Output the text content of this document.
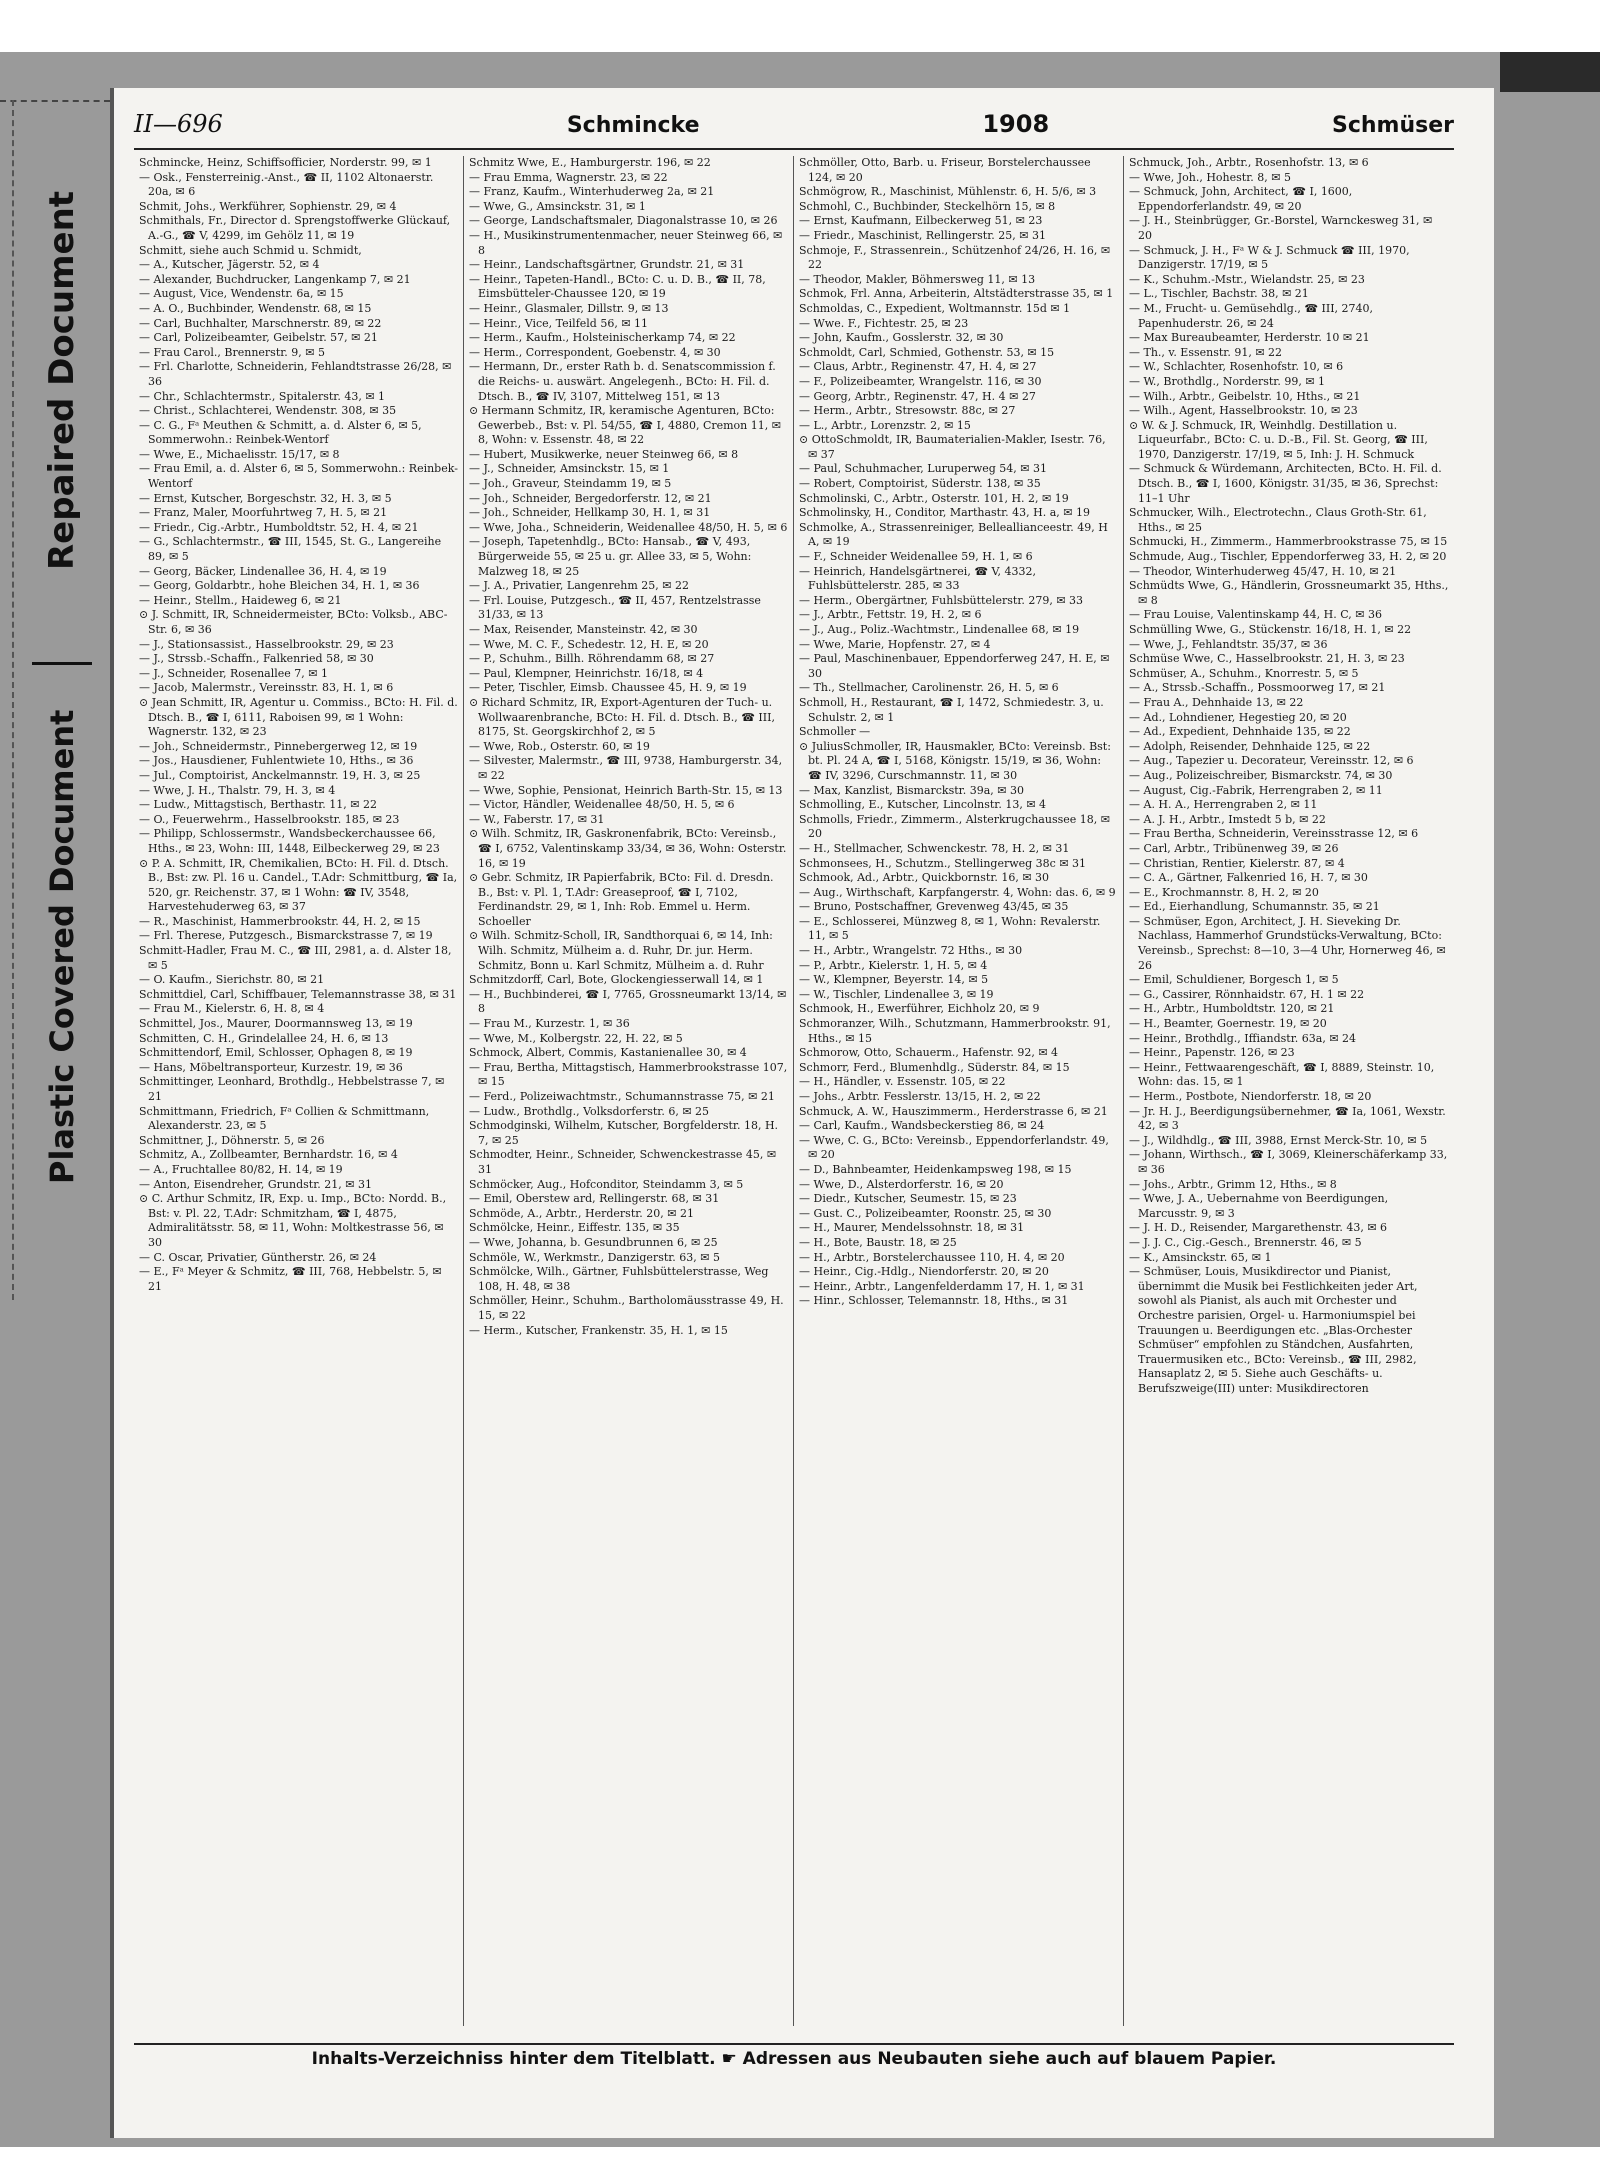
Repaired Document
Plastic Covered Document
II—696	Schmincke	1908	Schmüser

Schmincke, Heinz, Schiffsofficier, Norderstr. 99, ✉ 1

— Osk., Fensterreinig.-Anst., ☎ II, 1102 Altonaerstr. 20a, ✉ 6

Schmit, Johs., Werkführer, Sophienstr. 29, ✉ 4

Schmithals, Fr., Director d. Sprengstoffwerke Glückauf, A.-G., ☎ V, 4299, im Gehölz 11, ✉ 19

Schmitt, siehe auch Schmid u. Schmidt,

— A., Kutscher, Jägerstr. 52, ✉ 4

— Alexander, Buchdrucker, Langenkamp 7, ✉ 21

— August, Vice, Wendenstr. 6a, ✉ 15

— A. O., Buchbinder, Wendenstr. 68, ✉ 15

— Carl, Buchhalter, Marschnerstr. 89, ✉ 22

— Carl, Polizeibeamter, Geibelstr. 57, ✉ 21

— Frau Carol., Brennerstr. 9, ✉ 5

— Frl. Charlotte, Schneiderin, Fehlandtstrasse 26/28, ✉ 36

— Chr., Schlachtermstr., Spitalerstr. 43, ✉ 1

— Christ., Schlachterei, Wendenstr. 308, ✉ 35

— C. G., Fᵃ Meuthen & Schmitt, a. d. Alster 6, ✉ 5, Sommerwohn.: Reinbek-Wentorf

— Wwe, E., Michaelisstr. 15/17, ✉ 8

— Frau Emil, a. d. Alster 6, ✉ 5, Sommerwohn.: Reinbek-Wentorf

— Ernst, Kutscher, Borgeschstr. 32, H. 3, ✉ 5

— Franz, Maler, Moorfuhrtweg 7, H. 5, ✉ 21

— Friedr., Cig.-Arbtr., Humboldtstr. 52, H. 4, ✉ 21

— G., Schlachtermstr., ☎ III, 1545, St. G., Langereihe 89, ✉ 5

— Georg, Bäcker, Lindenallee 36, H. 4, ✉ 19

— Georg, Goldarbtr., hohe Bleichen 34, H. 1, ✉ 36

— Heinr., Stellm., Haideweg 6, ✉ 21

⊙ J. Schmitt, IR, Schneidermeister, BCto: Volksb., ABC-Str. 6, ✉ 36

— J., Stationsassist., Hasselbrookstr. 29, ✉ 23

— J., Strssb.-Schaffn., Falkenried 58, ✉ 30

— J., Schneider, Rosenallee 7, ✉ 1

— Jacob, Malermstr., Vereinsstr. 83, H. 1, ✉ 6

⊙ Jean Schmitt, IR, Agentur u. Commiss., BCto: H. Fil. d. Dtsch. B., ☎ I, 6111, Raboisen 99, ✉ 1 Wohn: Wagnerstr. 132, ✉ 23

— Joh., Schneidermstr., Pinnebergerweg 12, ✉ 19

— Jos., Hausdiener, Fuhlentwiete 10, Hths., ✉ 36

— Jul., Comptoirist, Anckelmannstr. 19, H. 3, ✉ 25

— Wwe, J. H., Thalstr. 79, H. 3, ✉ 4

— Ludw., Mittagstisch, Berthastr. 11, ✉ 22

— O., Feuerwehrm., Hasselbrookstr. 185, ✉ 23

— Philipp, Schlossermstr., Wandsbeckerchaussee 66, Hths., ✉ 23, Wohn: III, 1448, Eilbeckerweg 29, ✉ 23

⊙ P. A. Schmitt, IR, Chemikalien, BCto: H. Fil. d. Dtsch. B., Bst: zw. Pl. 16 u. Candel., T.Adr: Schmittburg, ☎ Ia, 520, gr. Reichenstr. 37, ✉ 1 Wohn: ☎ IV, 3548, Harvestehuderweg 63, ✉ 37

— R., Maschinist, Hammerbrookstr. 44, H. 2, ✉ 15

— Frl. Therese, Putzgesch., Bismarckstrasse 7, ✉ 19

Schmitt-Hadler, Frau M. C., ☎ III, 2981, a. d. Alster 18, ✉ 5

— O. Kaufm., Sierichstr. 80, ✉ 21

Schmittdiel, Carl, Schiffbauer, Telemannstrasse 38, ✉ 31

— Frau M., Kielerstr. 6, H. 8, ✉ 4

Schmittel, Jos., Maurer, Doormannsweg 13, ✉ 19

Schmitten, C. H., Grindelallee 24, H. 6, ✉ 13

Schmittendorf, Emil, Schlosser, Ophagen 8, ✉ 19

— Hans, Möbeltransporteur, Kurzestr. 19, ✉ 36

Schmittinger, Leonhard, Brothdlg., Hebbelstrasse 7, ✉ 21

Schmittmann, Friedrich, Fᵃ Collien & Schmittmann, Alexanderstr. 23, ✉ 5

Schmittner, J., Döhnerstr. 5, ✉ 26

Schmitz, A., Zollbeamter, Bernhardstr. 16, ✉ 4

— A., Fruchtallee 80/82, H. 14, ✉ 19

— Anton, Eisendreher, Grundstr. 21, ✉ 31

⊙ C. Arthur Schmitz, IR, Exp. u. Imp., BCto: Nordd. B., Bst: v. Pl. 22, T.Adr: Schmitzham, ☎ I, 4875, Admiralitätsstr. 58, ✉ 11, Wohn: Moltkestrasse 56, ✉ 30

— C. Oscar, Privatier, Güntherstr. 26, ✉ 24

— E., Fᵃ Meyer & Schmitz, ☎ III, 768, Hebbelstr. 5, ✉ 21

Schmitz Wwe, E., Hamburgerstr. 196, ✉ 22

— Frau Emma, Wagnerstr. 23, ✉ 22

— Franz, Kaufm., Winterhuderweg 2a, ✉ 21

— Wwe, G., Amsinckstr. 31, ✉ 1

— George, Landschaftsmaler, Diagonalstrasse 10, ✉ 26

— H., Musikinstrumentenmacher, neuer Steinweg 66, ✉ 8

— Heinr., Landschaftsgärtner, Grundstr. 21, ✉ 31

— Heinr., Tapeten-Handl., BCto: C. u. D. B., ☎ II, 78, Eimsbütteler-Chaussee 120, ✉ 19

— Heinr., Glasmaler, Dillstr. 9, ✉ 13

— Heinr., Vice, Teilfeld 56, ✉ 11

— Herm., Kaufm., Holsteinischerkamp 74, ✉ 22

— Herm., Correspondent, Goebenstr. 4, ✉ 30

— Hermann, Dr., erster Rath b. d. Senatscommission f. die Reichs- u. auswärt. Angelegenh., BCto: H. Fil. d. Dtsch. B., ☎ IV, 3107, Mittelweg 151, ✉ 13

⊙ Hermann Schmitz, IR, keramische Agenturen, BCto: Gewerbeb., Bst: v. Pl. 54/55, ☎ I, 4880, Cremon 11, ✉ 8, Wohn: v. Essenstr. 48, ✉ 22

— Hubert, Musikwerke, neuer Steinweg 66, ✉ 8

— J., Schneider, Amsinckstr. 15, ✉ 1

— Joh., Graveur, Steindamm 19, ✉ 5

— Joh., Schneider, Bergedorferstr. 12, ✉ 21

— Joh., Schneider, Hellkamp 30, H. 1, ✉ 31

— Wwe, Joha., Schneiderin, Weidenallee 48/50, H. 5, ✉ 6

— Joseph, Tapetenhdlg., BCto: Hansab., ☎ V, 493, Bürgerweide 55, ✉ 25 u. gr. Allee 33, ✉ 5, Wohn: Malzweg 18, ✉ 25

— J. A., Privatier, Langenrehm 25, ✉ 22

— Frl. Louise, Putzgesch., ☎ II, 457, Rentzelstrasse 31/33, ✉ 13

— Max, Reisender, Mansteinstr. 42, ✉ 30

— Wwe, M. C. F., Schedestr. 12, H. E, ✉ 20

— P., Schuhm., Billh. Röhrendamm 68, ✉ 27

— Paul, Klempner, Heinrichstr. 16/18, ✉ 4

— Peter, Tischler, Eimsb. Chaussee 45, H. 9, ✉ 19

⊙ Richard Schmitz, IR, Export-Agenturen der Tuch- u. Wollwaarenbranche, BCto: H. Fil. d. Dtsch. B., ☎ III, 8175, St. Georgskirchhof 2, ✉ 5

— Wwe, Rob., Osterstr. 60, ✉ 19

— Silvester, Malermstr., ☎ III, 9738, Hamburgerstr. 34, ✉ 22

— Wwe, Sophie, Pensionat, Heinrich Barth-Str. 15, ✉ 13

— Victor, Händler, Weidenallee 48/50, H. 5, ✉ 6

— W., Faberstr. 17, ✉ 31

⊙ Wilh. Schmitz, IR, Gaskronenfabrik, BCto: Vereinsb., ☎ I, 6752, Valentinskamp 33/34, ✉ 36, Wohn: Osterstr. 16, ✉ 19

⊙ Gebr. Schmitz, IR Papierfabrik, BCto: Fil. d. Dresdn. B., Bst: v. Pl. 1, T.Adr: Greaseproof, ☎ I, 7102, Ferdinandstr. 29, ✉ 1, Inh: Rob. Emmel u. Herm. Schoeller

⊙ Wilh. Schmitz-Scholl, IR, Sandthorquai 6, ✉ 14, Inh: Wilh. Schmitz, Mülheim a. d. Ruhr, Dr. jur. Herm. Schmitz, Bonn u. Karl Schmitz, Mülheim a. d. Ruhr

Schmitzdorff, Carl, Bote, Glockengiesserwall 14, ✉ 1

— H., Buchbinderei, ☎ I, 7765, Grossneumarkt 13/14, ✉ 8

— Frau M., Kurzestr. 1, ✉ 36

— Wwe, M., Kolbergstr. 22, H. 22, ✉ 5

Schmock, Albert, Commis, Kastanienallee 30, ✉ 4

— Frau, Bertha, Mittagstisch, Hammerbrookstrasse 107, ✉ 15

— Ferd., Polizeiwachtmstr., Schumannstrasse 75, ✉ 21

— Ludw., Brothdlg., Volksdorferstr. 6, ✉ 25

Schmodginski, Wilhelm, Kutscher, Borgfelderstr. 18, H. 7, ✉ 25

Schmodter, Heinr., Schneider, Schwenckestrasse 45, ✉ 31

Schmöcker, Aug., Hofconditor, Steindamm 3, ✉ 5

— Emil, Oberstew ard, Rellingerstr. 68, ✉ 31

Schmöde, A., Arbtr., Herderstr. 20, ✉ 21

Schmölcke, Heinr., Eiffestr. 135, ✉ 35

— Wwe, Johanna, b. Gesundbrunnen 6, ✉ 25

Schmöle, W., Werkmstr., Danzigerstr. 63, ✉ 5

Schmölcke, Wilh., Gärtner, Fuhlsbüttelerstrasse, Weg 108, H. 48, ✉ 38

Schmöller, Heinr., Schuhm., Bartholomäusstrasse 49, H. 15, ✉ 22

— Herm., Kutscher, Frankenstr. 35, H. 1, ✉ 15

Schmöller, Otto, Barb. u. Friseur, Borstelerchaussee 124, ✉ 20

Schmögrow, R., Maschinist, Mühlenstr. 6, H. 5/6, ✉ 3

Schmohl, C., Buchbinder, Steckelhörn 15, ✉ 8

— Ernst, Kaufmann, Eilbeckerweg 51, ✉ 23

— Friedr., Maschinist, Rellingerstr. 25, ✉ 31

Schmoje, F., Strassenrein., Schützenhof 24/26, H. 16, ✉ 22

— Theodor, Makler, Böhmersweg 11, ✉ 13

Schmok, Frl. Anna, Arbeiterin, Altstädterstrasse 35, ✉ 1

Schmoldas, C., Expedient, Woltmannstr. 15d ✉ 1

— Wwe. F., Fichtestr. 25, ✉ 23

— John, Kaufm., Gosslerstr. 32, ✉ 30

Schmoldt, Carl, Schmied, Gothenstr. 53, ✉ 15

— Claus, Arbtr., Reginenstr. 47, H. 4, ✉ 27

— F., Polizeibeamter, Wrangelstr. 116, ✉ 30

— Georg, Arbtr., Reginenstr. 47, H. 4 ✉ 27

— Herm., Arbtr., Stresowstr. 88c, ✉ 27

— L., Arbtr., Lorenzstr. 2, ✉ 15

⊙ OttoSchmoldt, IR, Baumaterialien-Makler, Isestr. 76, ✉ 37

— Paul, Schuhmacher, Luruperweg 54, ✉ 31

— Robert, Comptoirist, Süderstr. 138, ✉ 35

Schmolinski, C., Arbtr., Osterstr. 101, H. 2, ✉ 19

Schmolinsky, H., Conditor, Marthastr. 43, H. a, ✉ 19

Schmolke, A., Strassenreiniger, Belleallianceestr. 49, H A, ✉ 19

— F., Schneider Weidenallee 59, H. 1, ✉ 6

— Heinrich, Handelsgärtnerei, ☎ V, 4332, Fuhlsbüttelerstr. 285, ✉ 33

— Herm., Obergärtner, Fuhlsbüttelerstr. 279, ✉ 33

— J., Arbtr., Fettstr. 19, H. 2, ✉ 6

— J., Aug., Poliz.-Wachtmstr., Lindenallee 68, ✉ 19

— Wwe, Marie, Hopfenstr. 27, ✉ 4

— Paul, Maschinenbauer, Eppendorferweg 247, H. E, ✉ 30

— Th., Stellmacher, Carolinenstr. 26, H. 5, ✉ 6

Schmoll, H., Restaurant, ☎ I, 1472, Schmiedestr. 3, u. Schulstr. 2, ✉ 1

Schmoller —

⊙ JuliusSchmoller, IR, Hausmakler, BCto: Vereinsb. Bst: bt. Pl. 24 A, ☎ I, 5168, Königstr. 15/19, ✉ 36, Wohn: ☎ IV, 3296, Curschmannstr. 11, ✉ 30

— Max, Kanzlist, Bismarckstr. 39a, ✉ 30

Schmolling, E., Kutscher, Lincolnstr. 13, ✉ 4

Schmolls, Friedr., Zimmerm., Alsterkrugchaussee 18, ✉ 20

— H., Stellmacher, Schwenckestr. 78, H. 2, ✉ 31

Schmonsees, H., Schutzm., Stellingerweg 38c ✉ 31

Schmook, Ad., Arbtr., Quickbornstr. 16, ✉ 30

— Aug., Wirthschaft, Karpfangerstr. 4, Wohn: das. 6, ✉ 9

— Bruno, Postschaffner, Grevenweg 43/45, ✉ 35

— E., Schlosserei, Münzweg 8, ✉ 1, Wohn: Revalerstr. 11, ✉ 5

— H., Arbtr., Wrangelstr. 72 Hths., ✉ 30

— P., Arbtr., Kielerstr. 1, H. 5, ✉ 4

— W., Klempner, Beyerstr. 14, ✉ 5

— W., Tischler, Lindenallee 3, ✉ 19

Schmook, H., Ewerführer, Eichholz 20, ✉ 9

Schmoranzer, Wilh., Schutzmann, Hammerbrookstr. 91, Hths., ✉ 15

Schmorow, Otto, Schauerm., Hafenstr. 92, ✉ 4

Schmorr, Ferd., Blumenhdlg., Süderstr. 84, ✉ 15

— H., Händler, v. Essenstr. 105, ✉ 22

— Johs., Arbtr. Fesslerstr. 13/15, H. 2, ✉ 22

Schmuck, A. W., Hauszimmerm., Herderstrasse 6, ✉ 21

— Carl, Kaufm., Wandsbeckerstieg 86, ✉ 24

— Wwe, C. G., BCto: Vereinsb., Eppendorferlandstr. 49, ✉ 20

— D., Bahnbeamter, Heidenkampsweg 198, ✉ 15

— Wwe, D., Alsterdorferstr. 16, ✉ 20

— Diedr., Kutscher, Seumestr. 15, ✉ 23

— Gust. C., Polizeibeamter, Roonstr. 25, ✉ 30

— H., Maurer, Mendelssohnstr. 18, ✉ 31

— H., Bote, Baustr. 18, ✉ 25

— H., Arbtr., Borstelerchaussee 110, H. 4, ✉ 20

— Heinr., Cig.-Hdlg., Niendorferstr. 20, ✉ 20

— Heinr., Arbtr., Langenfelderdamm 17, H. 1, ✉ 31

— Hinr., Schlosser, Telemannstr. 18, Hths., ✉ 31

Schmuck, Joh., Arbtr., Rosenhofstr. 13, ✉ 6

— Wwe, Joh., Hohestr. 8, ✉ 5

— Schmuck, John, Architect, ☎ I, 1600, Eppendorferlandstr. 49, ✉ 20

— J. H., Steinbrügger, Gr.-Borstel, Warnckesweg 31, ✉ 20

— Schmuck, J. H., Fᵃ W & J. Schmuck ☎ III, 1970, Danzigerstr. 17/19, ✉ 5

— K., Schuhm.-Mstr., Wielandstr. 25, ✉ 23

— L., Tischler, Bachstr. 38, ✉ 21

— M., Frucht- u. Gemüsehdlg., ☎ III, 2740, Papenhuderstr. 26, ✉ 24

— Max Bureaubeamter, Herderstr. 10 ✉ 21

— Th., v. Essenstr. 91, ✉ 22

— W., Schlachter, Rosenhofstr. 10, ✉ 6

— W., Brothdlg., Norderstr. 99, ✉ 1

— Wilh., Arbtr., Geibelstr. 10, Hths., ✉ 21

— Wilh., Agent, Hasselbrookstr. 10, ✉ 23

⊙ W. & J. Schmuck, IR, Weinhdlg. Destillation u. Liqueurfabr., BCto: C. u. D.-B., Fil. St. Georg, ☎ III, 1970, Danzigerstr. 17/19, ✉ 5, Inh: J. H. Schmuck

— Schmuck & Würdemann, Architecten, BCto. H. Fil. d. Dtsch. B., ☎ I, 1600, Königstr. 31/35, ✉ 36, Sprechst: 11–1 Uhr

Schmucker, Wilh., Electrotechn., Claus Groth-Str. 61, Hths., ✉ 25

Schmucki, H., Zimmerm., Hammerbrookstrasse 75, ✉ 15

Schmude, Aug., Tischler, Eppendorferweg 33, H. 2, ✉ 20

— Theodor, Winterhuderweg 45/47, H. 10, ✉ 21

Schmüdts Wwe, G., Händlerin, Grossneumarkt 35, Hths., ✉ 8

— Frau Louise, Valentinskamp 44, H. C, ✉ 36

Schmülling Wwe, G., Stückenstr. 16/18, H. 1, ✉ 22

— Wwe, J., Fehlandtstr. 35/37, ✉ 36

Schmüse Wwe, C., Hasselbrookstr. 21, H. 3, ✉ 23

Schmüser, A., Schuhm., Knorrestr. 5, ✉ 5

— A., Strssb.-Schaffn., Possmoorweg 17, ✉ 21

— Frau A., Dehnhaide 13, ✉ 22

— Ad., Lohndiener, Hegestieg 20, ✉ 20

— Ad., Expedient, Dehnhaide 135, ✉ 22

— Adolph, Reisender, Dehnhaide 125, ✉ 22

— Aug., Tapezier u. Decorateur, Vereinsstr. 12, ✉ 6

— Aug., Polizeischreiber, Bismarckstr. 74, ✉ 30

— August, Cig.-Fabrik, Herrengraben 2, ✉ 11

— A. H. A., Herrengraben 2, ✉ 11

— A. J. H., Arbtr., Imstedt 5 b, ✉ 22

— Frau Bertha, Schneiderin, Vereinsstrasse 12, ✉ 6

— Carl, Arbtr., Tribünenweg 39, ✉ 26

— Christian, Rentier, Kielerstr. 87, ✉ 4

— C. A., Gärtner, Falkenried 16, H. 7, ✉ 30

— E., Krochmannstr. 8, H. 2, ✉ 20

— Ed., Eierhandlung, Schumannstr. 35, ✉ 21

— Schmüser, Egon, Architect, J. H. Sieveking Dr. Nachlass, Hammerhof Grundstücks-Verwaltung, BCto: Vereinsb., Sprechst: 8—10, 3—4 Uhr, Hornerweg 46, ✉ 26

— Emil, Schuldiener, Borgesch 1, ✉ 5

— G., Cassirer, Rönnhaidstr. 67, H. 1 ✉ 22

— H., Arbtr., Humboldtstr. 120, ✉ 21

— H., Beamter, Goernestr. 19, ✉ 20

— Heinr., Brothdlg., Iffiandstr. 63a, ✉ 24

— Heinr., Papenstr. 126, ✉ 23

— Heinr., Fettwaarengeschäft, ☎ I, 8889, Steinstr. 10, Wohn: das. 15, ✉ 1

— Herm., Postbote, Niendorferstr. 18, ✉ 20

— Jr. H. J., Beerdigungsübernehmer, ☎ Ia, 1061, Wexstr. 42, ✉ 3

— J., Wildhdlg., ☎ III, 3988, Ernst Merck-Str. 10, ✉ 5

— Johann, Wirthsch., ☎ I, 3069, Kleinerschäferkamp 33, ✉ 36

— Johs., Arbtr., Grimm 12, Hths., ✉ 8

— Wwe, J. A., Uebernahme von Beerdigungen, Marcusstr. 9, ✉ 3

— J. H. D., Reisender, Margarethenstr. 43, ✉ 6

— J. J. C., Cig.-Gesch., Brennerstr. 46, ✉ 5

— K., Amsinckstr. 65, ✉ 1

— Schmüser, Louis, Musikdirector und Pianist, übernimmt die Musik bei Festlichkeiten jeder Art, sowohl als Pianist, als auch mit Orchester und Orchestre parisien, Orgel- u. Harmoniumspiel bei Trauungen u. Beerdigungen etc. „Blas-Orchester Schmüser“ empfohlen zu Ständchen, Ausfahrten, Trauermusiken etc., BCto: Vereinsb., ☎ III, 2982, Hansaplatz 2, ✉ 5. Siehe auch Geschäfts- u. Berufszweige(III) unter: Musikdirectoren

Inhalts-Verzeichniss hinter dem Titelblatt. ☛ Adressen aus Neubauten siehe auch auf blauem Papier.
